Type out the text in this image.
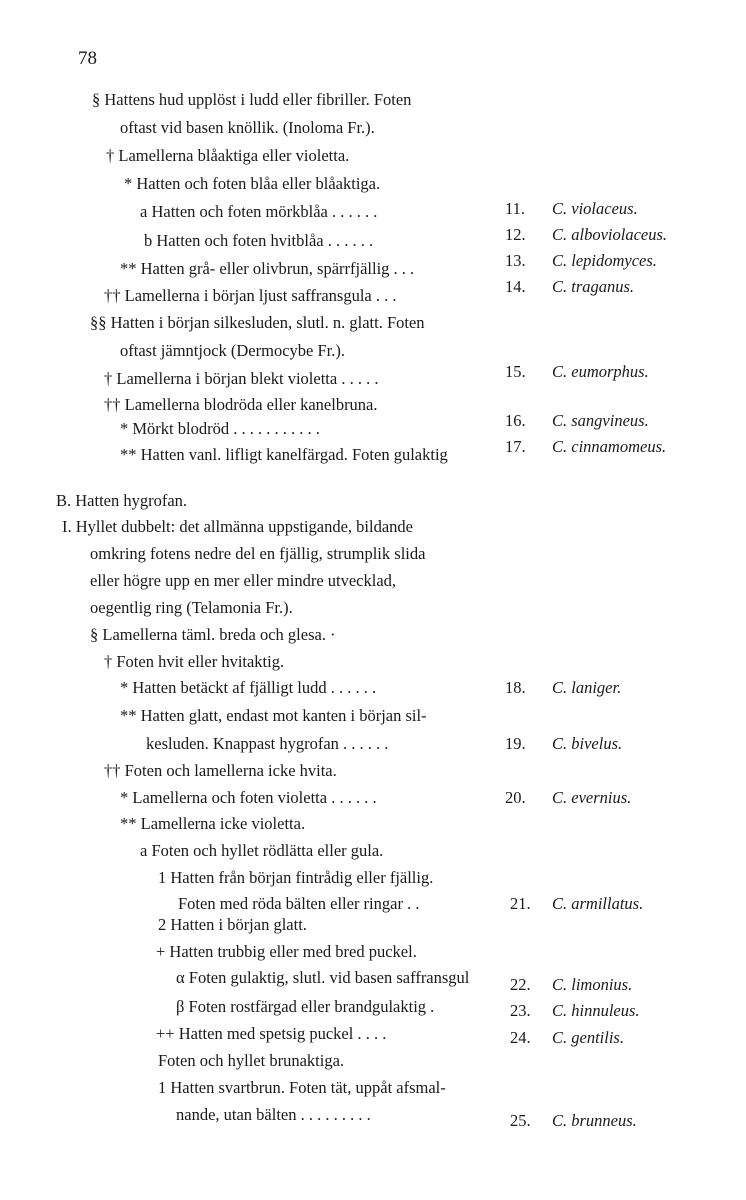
78
§ Hattens hud upplöst i ludd eller fibriller. Foten
oftast vid basen knöllik. (Inoloma Fr.).
† Lamellerna blåaktiga eller violetta.
* Hatten och foten blåa eller blåaktiga.
a Hatten och foten mörkblåa . . . . . .	11. C. violaceus.
b Hatten och foten hvitblåa . . . . . .	12. C. alboviolaceus.
** Hatten grå- eller olivbrun, spärrfjällig . . .	13. C. lepidomyces.
†† Lamellerna i början ljust saffransgula . . .	14. C. traganus.
§§ Hatten i början silkesluden, slutl. n. glatt. Foten
oftast jämntjock (Dermocybe Fr.).
† Lamellerna i början blekt violetta . . . . .	15. C. eumorphus.
†† Lamellerna blodröda eller kanelbruna.
* Mörkt blodröd . . . . . . . . . . .	16. C. sangvineus.
** Hatten vanl. lifligt kanelfärgad. Foten gulaktig	17. C. cinnamomeus.
B. Hatten hygrofan.
I. Hyllet dubbelt: det allmänna uppstigande, bildande
omkring fotens nedre del en fjällig, strumplik slida
eller högre upp en mer eller mindre utvecklad,
oegentlig ring (Telamonia Fr.).
§ Lamellerna täml. breda och glesa. ·
† Foten hvit eller hvitaktig.
* Hatten betäckt af fjälligt ludd . . . . . .	18. C. laniger.
** Hatten glatt, endast mot kanten i början sil-
kesluden. Knappast hygrofan . . . . . .	19. C. bivelus.
†† Foten och lamellerna icke hvita.
* Lamellerna och foten violetta . . . . . .	20. C. evernius.
** Lamellerna icke violetta.
a Foten och hyllet rödlätta eller gula.
1 Hatten från början fintrådig eller fjällig.
Foten med röda bälten eller ringar . .	21. C. armillatus.
2 Hatten i början glatt.
+ Hatten trubbig eller med bred puckel.
α Foten gulaktig, slutl. vid basen saffransgul 22. C. limonius.
β Foten rostfärgad eller brandgulaktig .	23. C. hinnuleus.
++ Hatten med spetsig puckel . . . .	24. C. gentilis.
Foten och hyllet brunaktiga.
1 Hatten svartbrun. Foten tät, uppåt afsmal-
nande, utan bälten . . . . . . . . .	25. C. brunneus.
